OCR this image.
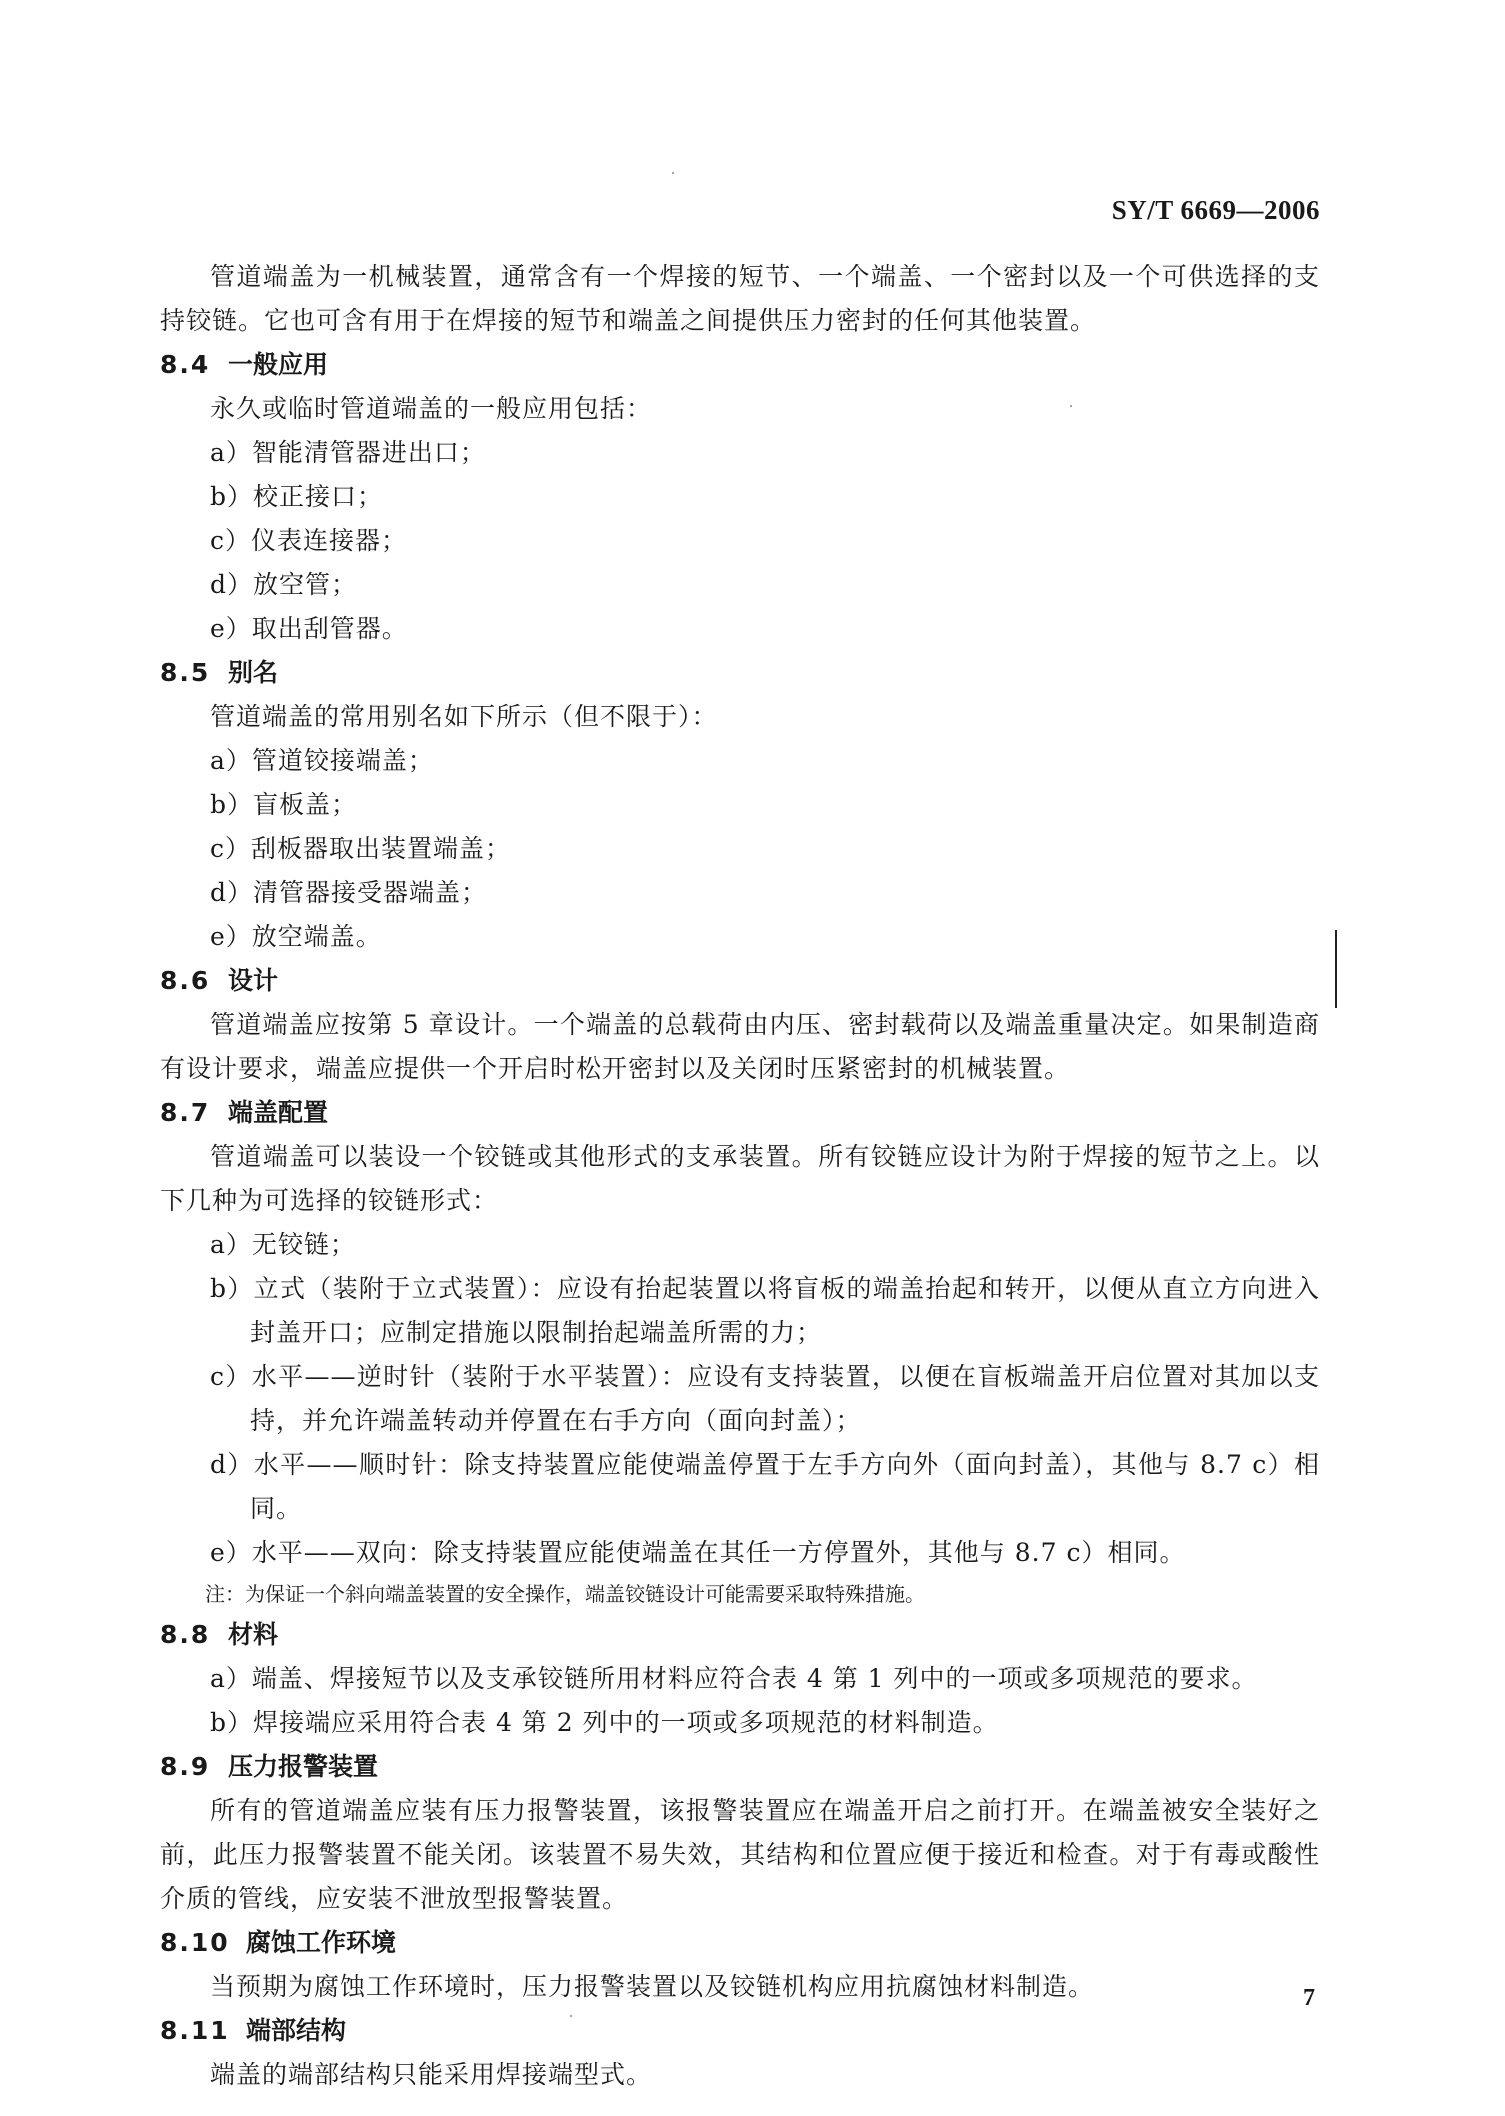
SY/T 6669—2006

管道端盖为一机械装置，通常含有一个焊接的短节、一个端盖、一个密封以及一个可供选择的支持铰链。它也可含有用于在焊接的短节和端盖之间提供压力密封的任何其他装置。

8.4 一般应用

永久或临时管道端盖的一般应用包括：

a）智能清管器进出口；

b）校正接口；

c）仪表连接器；

d）放空管；

e）取出刮管器。

8.5 别名

管道端盖的常用别名如下所示（但不限于）：

a）管道铰接端盖；

b）盲板盖；

c）刮板器取出装置端盖；

d）清管器接受器端盖；

e）放空端盖。

8.6 设计

管道端盖应按第 5 章设计。一个端盖的总载荷由内压、密封载荷以及端盖重量决定。如果制造商有设计要求，端盖应提供一个开启时松开密封以及关闭时压紧密封的机械装置。

8.7 端盖配置

管道端盖可以装设一个铰链或其他形式的支承装置。所有铰链应设计为附于焊接的短节之上。以下几种为可选择的铰链形式：

a）无铰链；

b）立式（装附于立式装置）：应设有抬起装置以将盲板的端盖抬起和转开，以便从直立方向进入封盖开口；应制定措施以限制抬起端盖所需的力；

c）水平——逆时针（装附于水平装置）：应设有支持装置，以便在盲板端盖开启位置对其加以支持，并允许端盖转动并停置在右手方向（面向封盖）；

d）水平——顺时针：除支持装置应能使端盖停置于左手方向外（面向封盖），其他与 8.7 c）相同。

e）水平——双向：除支持装置应能使端盖在其任一方停置外，其他与 8.7 c）相同。

注：为保证一个斜向端盖装置的安全操作，端盖铰链设计可能需要采取特殊措施。

8.8 材料

a）端盖、焊接短节以及支承铰链所用材料应符合表 4 第 1 列中的一项或多项规范的要求。

b）焊接端应采用符合表 4 第 2 列中的一项或多项规范的材料制造。

8.9 压力报警装置

所有的管道端盖应装有压力报警装置，该报警装置应在端盖开启之前打开。在端盖被安全装好之前，此压力报警装置不能关闭。该装置不易失效，其结构和位置应便于接近和检查。对于有毒或酸性介质的管线，应安装不泄放型报警装置。

8.10 腐蚀工作环境

当预期为腐蚀工作环境时，压力报警装置以及铰链机构应用抗腐蚀材料制造。

8.11 端部结构

端盖的端部结构只能采用焊接端型式。

7
